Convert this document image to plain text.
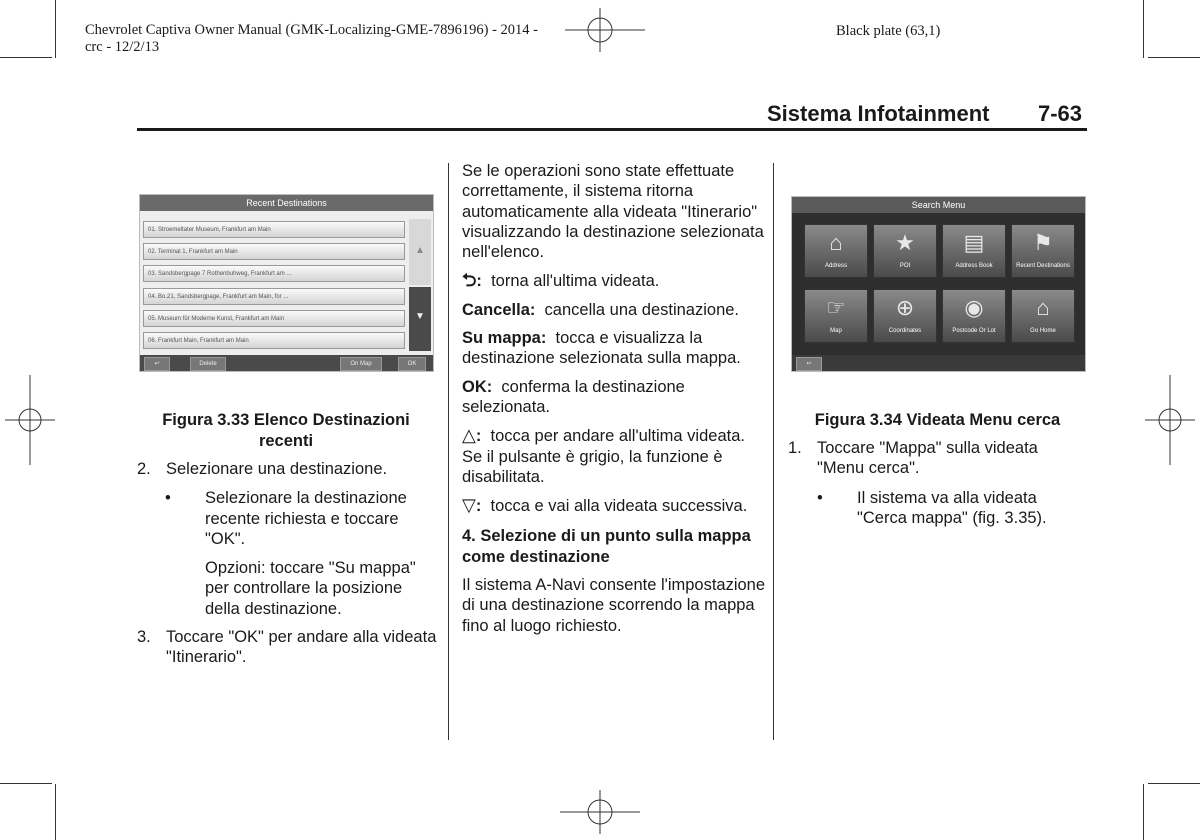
Chevrolet Captiva Owner Manual (GMK-Localizing-GME-7896196) - 2014 -
crc - 12/2/13
Black plate (63,1)
Sistema Infotainment 7-63
Recent Destinations
01. Stroemeltater Museum, Frankfurt am Main
02. Terminal 1, Frankfurt am Main
03. Sandsbergpage 7 Rothenbuhweg, Frankfurt am ...
04. Bo.21, Sandsbergpage, Frankfurt am Main, for ...
05. Museum für Moderne Kunst, Frankfurt am Main
06. Frankfurt Main, Frankfurt am Main
▲
▼
↩	Delete	On Map	OK
Figura 3.33 Elenco Destinazioni recenti
2. Selezionare una destinazione.
• Selezionare la destinazione recente richiesta e toccare "OK".

Opzioni: toccare "Su mappa" per controllare la posizione della destinazione.

3. Toccare "OK" per andare alla videata "Itinerario".

Se le operazioni sono state effettuate correttamente, il sistema ritorna automaticamente alla videata "Itinerario" visualizzando la destinazione selezionata nell'elenco.

⮌: torna all'ultima videata.

Cancella: cancella una destinazione.

Su mappa: tocca e visualizza la destinazione selezionata sulla mappa.

OK: conferma la destinazione selezionata.

△: tocca per andare all'ultima videata. Se il pulsante è grigio, la funzione è disabilitata.

▽: tocca e vai alla videata successiva.

4. Selezione di un punto sulla mappa come destinazione

Il sistema A-Navi consente l'impostazione di una destinazione scorrendo la mappa fino al luogo richiesto.

Search Menu
⌂
Address
★
POI
▤
Address Book
⚑
Recent Destinations
☞
Map
⊕
Coordinates
◉
Postcode Or Lot
⌂
Go Home
↩
Figura 3.34 Videata Menu cerca
1. Toccare "Mappa" sulla videata "Menu cerca".
• Il sistema va alla videata "Cerca mappa" (fig. 3.35).
